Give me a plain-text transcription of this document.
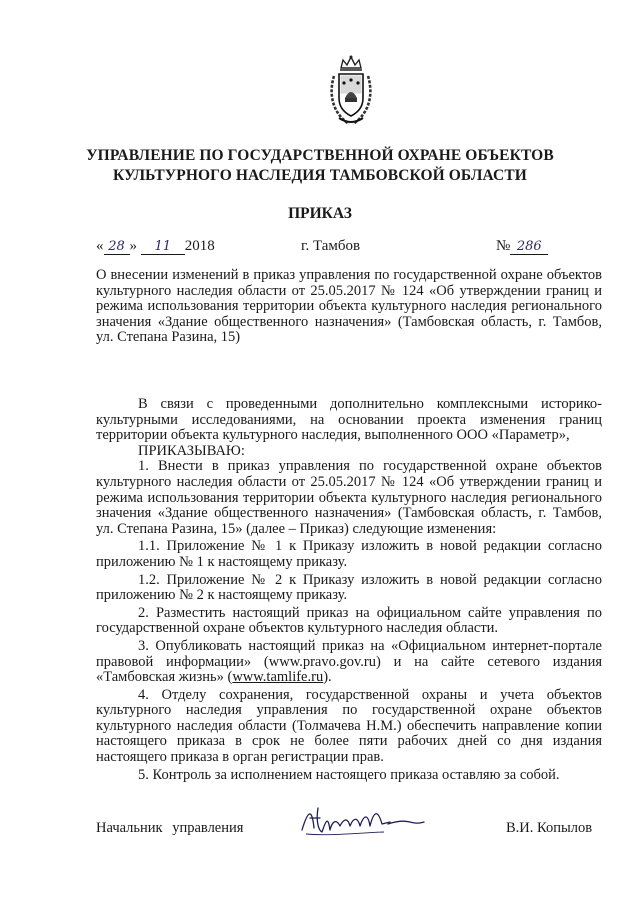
УПРАВЛЕНИЕ ПО ГОСУДАРСТВЕННОЙ ОХРАНЕ ОБЪЕКТОВ
КУЛЬТУРНОГО НАСЛЕДИЯ ТАМБОВСКОЙ ОБЛАСТИ
ПРИКАЗ
« 28 » 11 2018	г. Тамбов	№ 286
О внесении изменений в приказ управления по государственной охране объектов культурного наследия области от 25.05.2017 № 124 «Об утверждении границ и режима использования территории объекта культурного наследия регионального значения «Здание общественного назначения» (Тамбовская область, г. Тамбов, ул. Степана Разина, 15)

В связи с проведенными дополнительно комплексными историко-культурными исследованиями, на основании проекта изменения границ территории объекта культурного наследия, выполненного ООО «Параметр»,

ПРИКАЗЫВАЮ:

1. Внести в приказ управления по государственной охране объектов культурного наследия области от 25.05.2017 № 124 «Об утверждении границ и режима использования территории объекта культурного наследия регионального значения «Здание общественного назначения» (Тамбовская область, г. Тамбов, ул. Степана Разина, 15» (далее – Приказ) следующие изменения:

1.1. Приложение № 1 к Приказу изложить в новой редакции согласно приложению № 1 к настоящему приказу.

1.2. Приложение № 2 к Приказу изложить в новой редакции согласно приложению № 2 к настоящему приказу.

2. Разместить настоящий приказ на официальном сайте управления по государственной охране объектов культурного наследия области.

3. Опубликовать настоящий приказ на «Официальном интернет-портале правовой информации» (www.pravo.gov.ru) и на сайте сетевого издания «Тамбовская жизнь» (www.tamlife.ru).

4. Отделу сохранения, государственной охраны и учета объектов культурного наследия управления по государственной охране объектов культурного наследия области (Толмачева Н.М.) обеспечить направление копии настоящего приказа в срок не более пяти рабочих дней со дня издания настоящего приказа в орган регистрации прав.

5. Контроль за исполнением настоящего приказа оставляю за собой.

Начальник управления	В.И. Копылов
